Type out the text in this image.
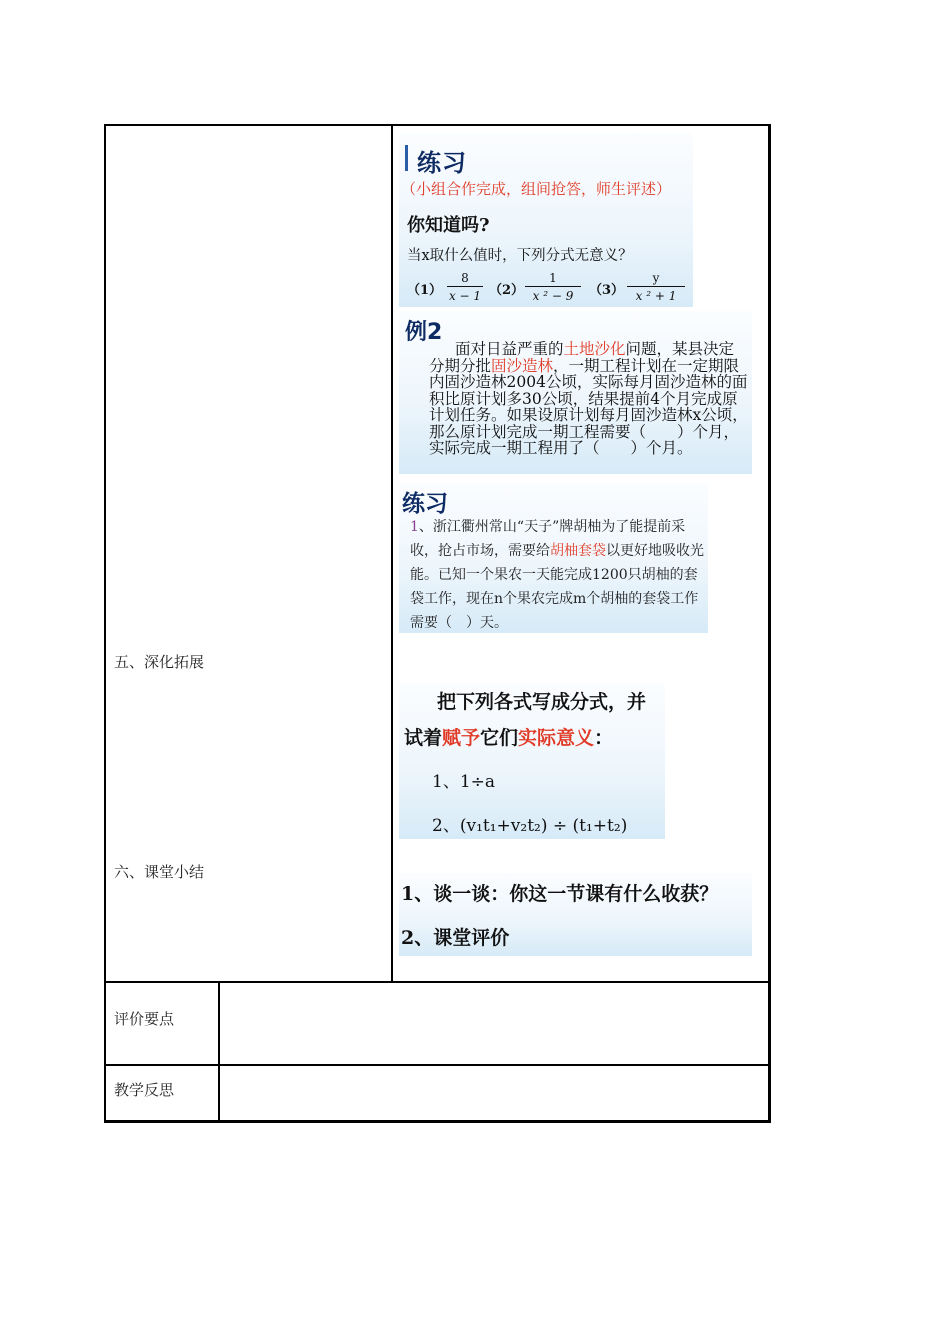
五、深化拓展
六、课堂小结
评价要点
教学反思
练习
（小组合作完成，组间抢答，师生评述）
你知道吗?
当x取什么值时，下列分式无意义？
（1）
8
x − 1 （2）
1
x ² − 9	（3）
y
x ² + 1
例2
面对日益严重的土地沙化问题，某县决定分期分批固沙造林，一期工程计划在一定期限内固沙造林2004公顷，实际每月固沙造林的面积比原计划多30公顷，结果提前4个月完成原计划任务。如果设原计划每月固沙造林x公顷，那么原计划完成一期工程需要（　　）个月，实际完成一期工程用了（　　）个月。
练习
1、浙江衢州常山“天子”牌胡柚为了能提前采收，抢占市场，需要给胡柚套袋以更好地吸收光能。已知一个果农一天能完成1200只胡柚的套袋工作，现在n个果农完成m个胡柚的套袋工作需要（　）天。
把下列各式写成分式，并
试着赋予它们实际意义：
1、1÷a
2、(v₁t₁+v₂t₂) ÷ (t₁+t₂)
1、谈一谈：你这一节课有什么收获？
2、课堂评价
